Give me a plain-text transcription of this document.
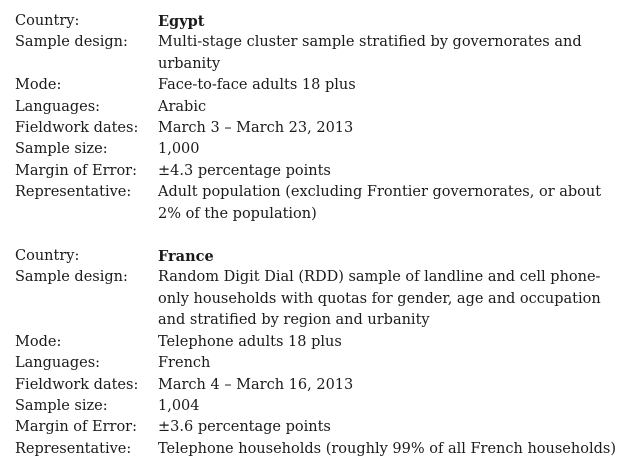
Country:	Egypt
Sample design:	Multi-stage cluster sample stratified by governorates and urbanity
Mode:	Face-to-face adults 18 plus
Languages:	Arabic
Fieldwork dates:	March 3 – March 23, 2013
Sample size:	1,000
Margin of Error:	±4.3 percentage points
Representative:	Adult population (excluding Frontier governorates, or about 2% of the population)
Country:	France
Sample design:	Random Digit Dial (RDD) sample of landline and cell phone-only households with quotas for gender, age and occupation and stratified by region and urbanity
Mode:	Telephone adults 18 plus
Languages:	French
Fieldwork dates:	March 4 – March 16, 2013
Sample size:	1,004
Margin of Error:	±3.6 percentage points
Representative:	Telephone households (roughly 99% of all French households)
